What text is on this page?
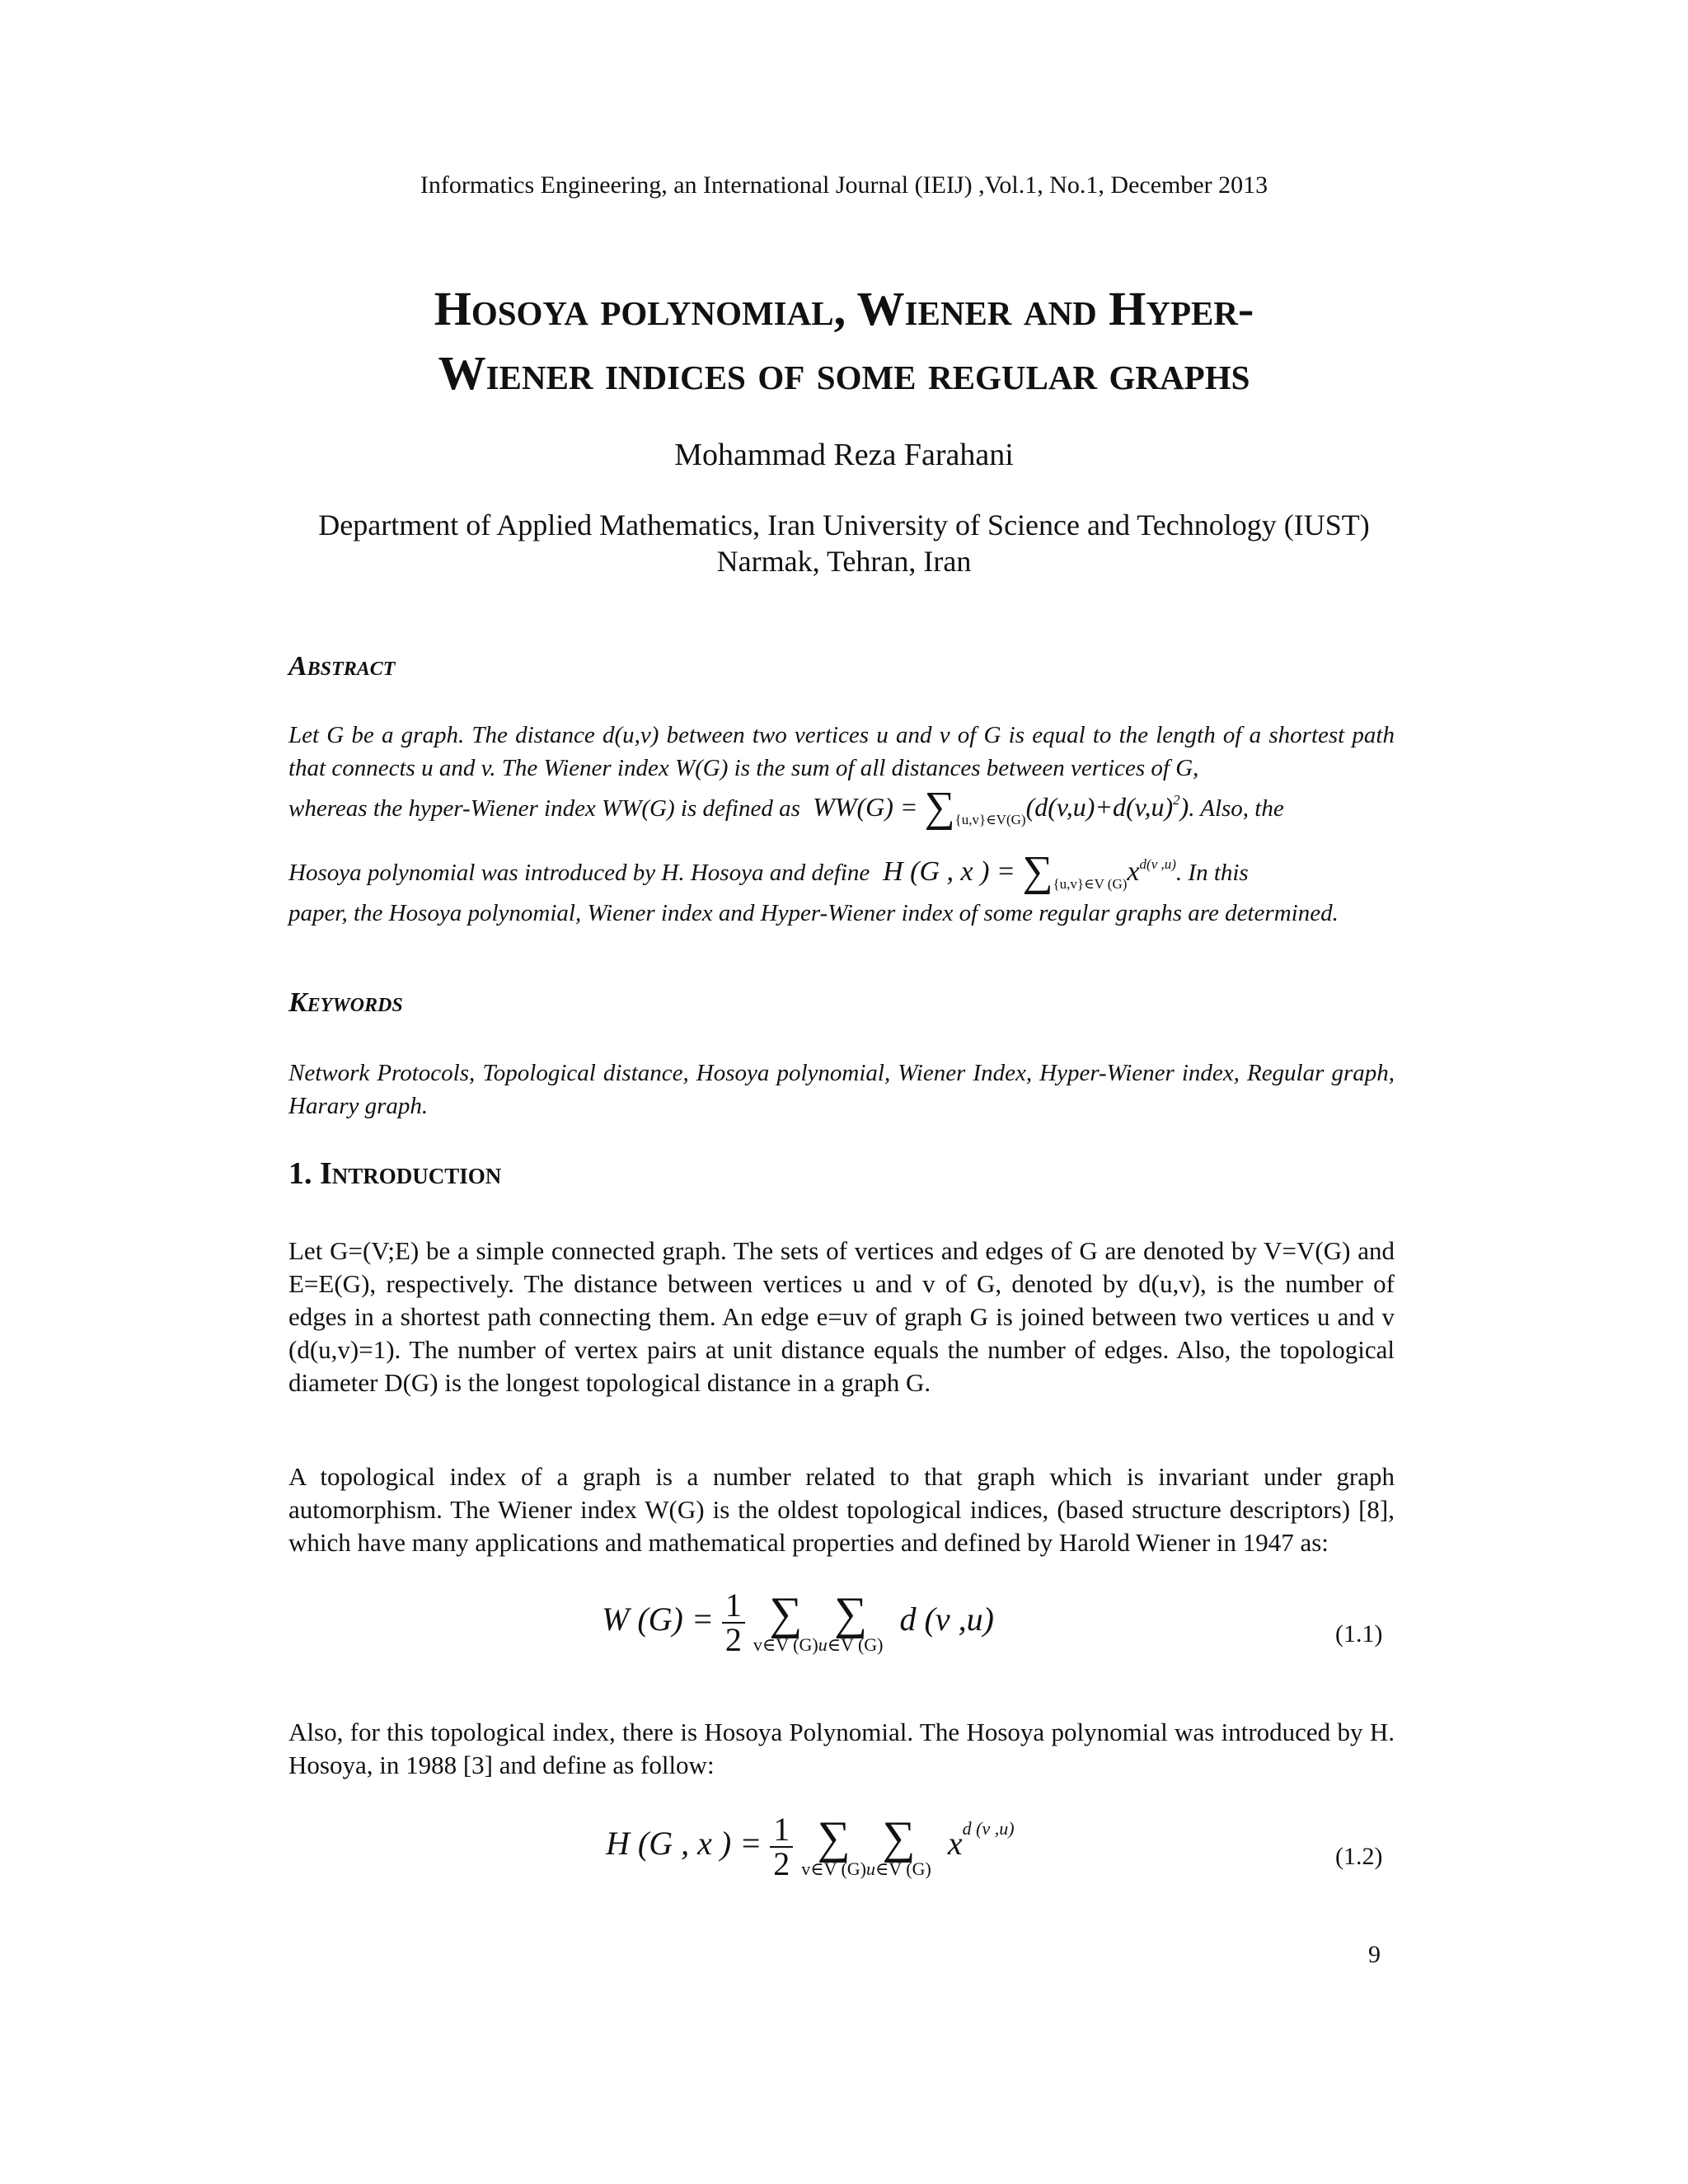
Informatics Engineering, an International Journal (IEIJ) ,Vol.1, No.1, December 2013
Hosoya polynomial, Wiener and Hyper-
Wiener indices of some regular graphs
Mohammad Reza Farahani
Department of Applied Mathematics, Iran University of Science and Technology (IUST)
Narmak, Tehran, Iran
Abstract
Let G be a graph. The distance d(u,v) between two vertices u and v of G is equal to the length of a shortest path that connects u and v. The Wiener index W(G) is the sum of all distances between vertices of G,
whereas the hyper-Wiener index WW(G) is defined as  $WW(G) = \sum_{\{u,v\}\in V(G)}(d(v,u)+d(v,u)^2)$. Also, the
Hosoya polynomial was introduced by H. Hosoya and define  H (G , x ) = $\sum_{\{u,v\}\in V (G)}x^{d(v ,u)}$. In this
paper, the Hosoya polynomial, Wiener index and Hyper-Wiener index of some regular graphs are determined.
Keywords
Network Protocols, Topological distance, Hosoya polynomial, Wiener Index, Hyper-Wiener index, Regular graph, Harary graph.
1. Introduction
Let G=(V;E) be a simple connected graph. The sets of vertices and edges of G are denoted by V=V(G) and E=E(G), respectively. The distance between vertices u and v of G, denoted by d(u,v), is the number of edges in a shortest path connecting them. An edge e=uv of graph G is joined between two vertices u and v (d(u,v)=1). The number of vertex pairs at unit distance equals the number of edges. Also, the topological diameter D(G) is the longest topological distance in a graph G.
A topological index of a graph is a number related to that graph which is invariant under graph automorphism. The Wiener index W(G) is the oldest topological indices, (based structure descriptors) [8], which have many applications and mathematical properties and defined by Harold Wiener in 1947 as:
W $(G) = \frac{1}{2}$
∑
v∈V (G)
∑
u∈V (G)
d (v ,u)	(1.1)
Also, for this topological index, there is Hosoya Polynomial. The Hosoya polynomial was introduced by H. Hosoya, in 1988 [3] and define as follow:
H (G , x ) = $\frac{1}{2}$
∑
v∈V (G)
∑
u∈V (G)
$x^{d (v ,u)}$
(1.2)
9
